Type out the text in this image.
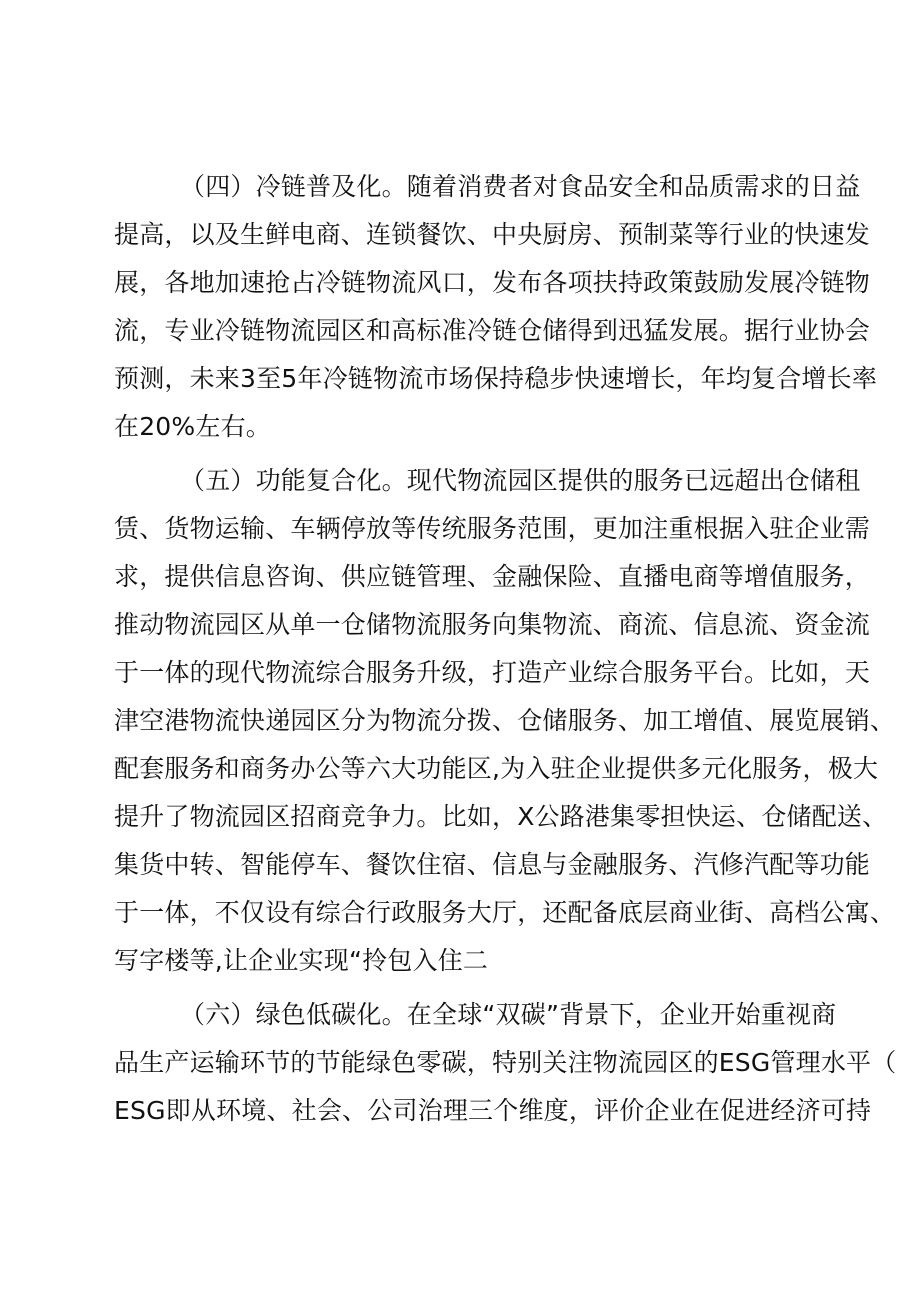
（四）冷链普及化。随着消费者对食品安全和品质需求的日益
提高，以及生鲜电商、连锁餐饮、中央厨房、预制菜等行业的快速发
展，各地加速抢占冷链物流风口，发布各项扶持政策鼓励发展冷链物
流，专业冷链物流园区和高标准冷链仓储得到迅猛发展。据行业协会
预测，未来3至5年冷链物流市场保持稳步快速增长，年均复合增长率
在20%左右。
（五）功能复合化。现代物流园区提供的服务已远超出仓储租
赁、货物运输、车辆停放等传统服务范围，更加注重根据入驻企业需
求，提供信息咨询、供应链管理、金融保险、直播电商等增值服务，
推动物流园区从单一仓储物流服务向集物流、商流、信息流、资金流
于一体的现代物流综合服务升级，打造产业综合服务平台。比如，天
津空港物流快递园区分为物流分拨、仓储服务、加工增值、展览展销、
配套服务和商务办公等六大功能区,为入驻企业提供多元化服务，极大
提升了物流园区招商竞争力。比如，X公路港集零担快运、仓储配送、
集货中转、智能停车、餐饮住宿、信息与金融服务、汽修汽配等功能
于一体，不仅设有综合行政服务大厅，还配备底层商业街、高档公寓、
写字楼等,让企业实现“拎包入住二
（六）绿色低碳化。在全球“双碳”背景下，企业开始重视商
品生产运输环节的节能绿色零碳，特别关注物流园区的ESG管理水平（
ESG即从环境、社会、公司治理三个维度，评价企业在促进经济可持
